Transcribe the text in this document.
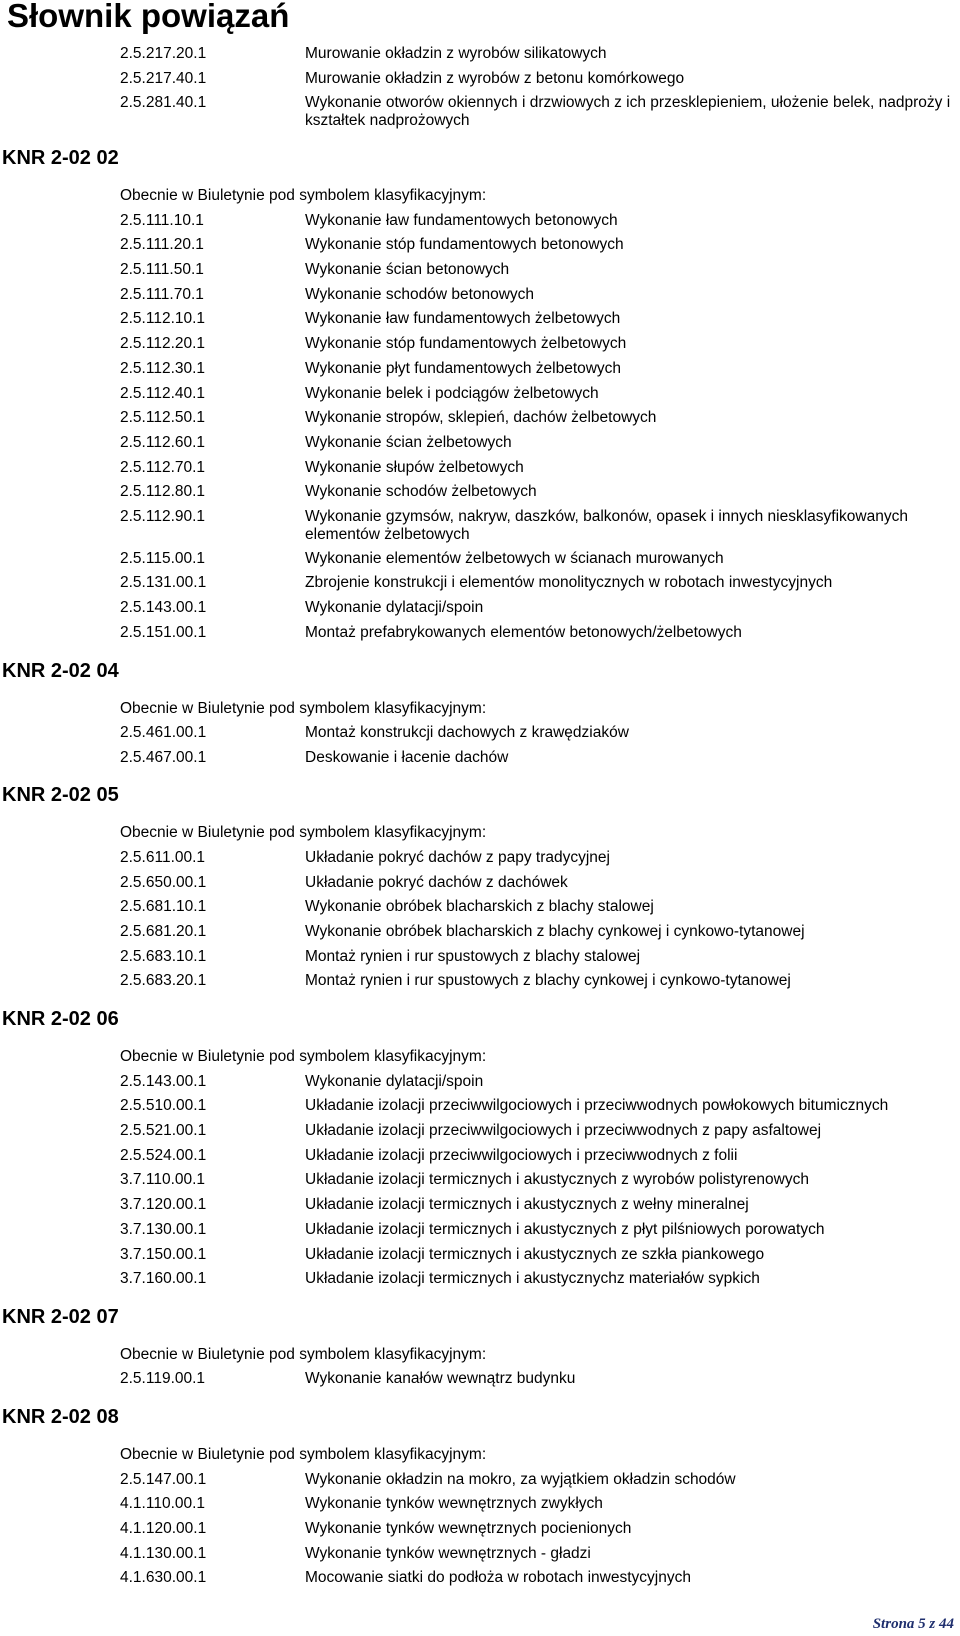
Słownik powiązań
2.5.217.20.1	Murowanie okładzin z wyrobów silikatowych
2.5.217.40.1	Murowanie okładzin z wyrobów z betonu komórkowego
2.5.281.40.1	Wykonanie otworów okiennych i drzwiowych z ich przesklepieniem, ułożenie belek, nadproży i kształtek nadprożowych
KNR 2-02 02
Obecnie w Biuletynie pod symbolem klasyfikacyjnym:
2.5.111.10.1	Wykonanie ław fundamentowych betonowych
2.5.111.20.1	Wykonanie stóp fundamentowych betonowych
2.5.111.50.1	Wykonanie ścian betonowych
2.5.111.70.1	Wykonanie schodów betonowych
2.5.112.10.1	Wykonanie ław fundamentowych żelbetowych
2.5.112.20.1	Wykonanie stóp fundamentowych żelbetowych
2.5.112.30.1	Wykonanie płyt fundamentowych żelbetowych
2.5.112.40.1	Wykonanie belek i podciągów żelbetowych
2.5.112.50.1	Wykonanie stropów, sklepień, dachów żelbetowych
2.5.112.60.1	Wykonanie ścian żelbetowych
2.5.112.70.1	Wykonanie słupów żelbetowych
2.5.112.80.1	Wykonanie schodów żelbetowych
2.5.112.90.1	Wykonanie gzymsów, nakryw, daszków, balkonów, opasek i innych niesklasyfikowanych elementów żelbetowych
2.5.115.00.1	Wykonanie elementów żelbetowych w ścianach murowanych
2.5.131.00.1	Zbrojenie konstrukcji i elementów monolitycznych w robotach inwestycyjnych
2.5.143.00.1	Wykonanie dylatacji/spoin
2.5.151.00.1	Montaż prefabrykowanych elementów betonowych/żelbetowych
KNR 2-02 04
Obecnie w Biuletynie pod symbolem klasyfikacyjnym:
2.5.461.00.1	Montaż konstrukcji dachowych z krawędziaków
2.5.467.00.1	Deskowanie i łacenie dachów
KNR 2-02 05
Obecnie w Biuletynie pod symbolem klasyfikacyjnym:
2.5.611.00.1	Układanie pokryć dachów z papy tradycyjnej
2.5.650.00.1	Układanie pokryć dachów z dachówek
2.5.681.10.1	Wykonanie obróbek blacharskich z blachy stalowej
2.5.681.20.1	Wykonanie obróbek blacharskich z blachy cynkowej i cynkowo-tytanowej
2.5.683.10.1	Montaż rynien i rur spustowych z blachy stalowej
2.5.683.20.1	Montaż rynien i rur spustowych z blachy cynkowej i cynkowo-tytanowej
KNR 2-02 06
Obecnie w Biuletynie pod symbolem klasyfikacyjnym:
2.5.143.00.1	Wykonanie dylatacji/spoin
2.5.510.00.1	Układanie izolacji przeciwwilgociowych i przeciwwodnych powłokowych bitumicznych
2.5.521.00.1	Układanie izolacji przeciwwilgociowych i przeciwwodnych z papy asfaltowej
2.5.524.00.1	Układanie izolacji przeciwwilgociowych i przeciwwodnych z folii
3.7.110.00.1	Układanie izolacji termicznych i akustycznych z wyrobów polistyrenowych
3.7.120.00.1	Układanie izolacji termicznych i akustycznych z wełny mineralnej
3.7.130.00.1	Układanie izolacji termicznych i akustycznych z płyt pilśniowych porowatych
3.7.150.00.1	Układanie izolacji termicznych i akustycznych ze szkła piankowego
3.7.160.00.1	Układanie izolacji termicznych i akustycznychz materiałów sypkich
KNR 2-02 07
Obecnie w Biuletynie pod symbolem klasyfikacyjnym:
2.5.119.00.1	Wykonanie kanałów wewnątrz budynku
KNR 2-02 08
Obecnie w Biuletynie pod symbolem klasyfikacyjnym:
2.5.147.00.1	Wykonanie okładzin na mokro, za wyjątkiem okładzin schodów
4.1.110.00.1	Wykonanie tynków wewnętrznych zwykłych
4.1.120.00.1	Wykonanie tynków wewnętrznych pocienionych
4.1.130.00.1	Wykonanie tynków wewnętrznych - gładzi
4.1.630.00.1	Mocowanie siatki do podłoża w robotach inwestycyjnych
Strona 5 z 44
